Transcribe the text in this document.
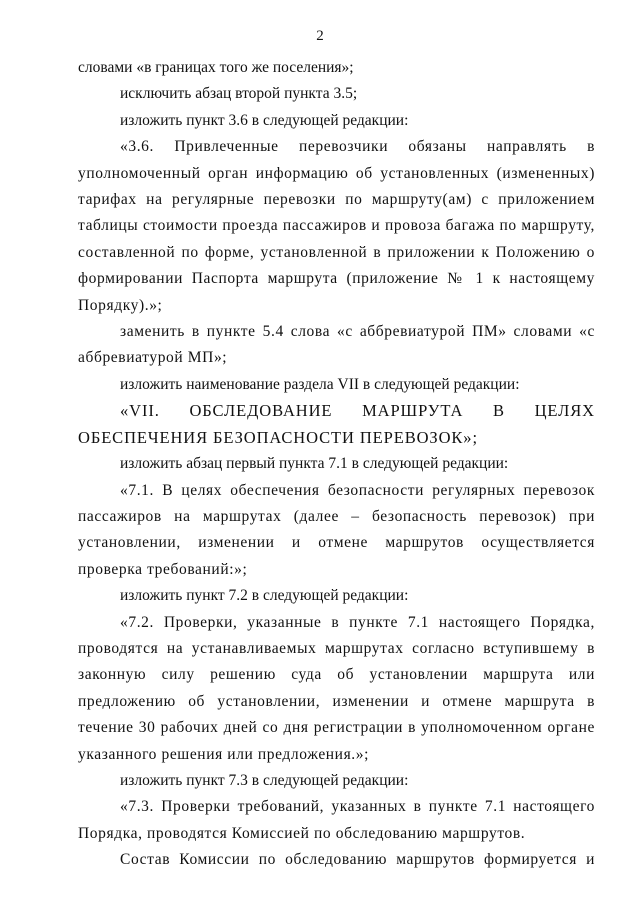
2

словами «в границах того же поселения»;

исключить абзац второй пункта 3.5;

изложить пункт 3.6 в следующей редакции:

«3.6. Привлеченные перевозчики обязаны направлять в уполномоченный орган информацию об установленных (измененных) тарифах на регулярные перевозки по маршруту(ам) с приложением таблицы стоимости проезда пассажиров и провоза багажа по маршруту, составленной по форме, установленной в приложении к Положению о формировании Паспорта маршрута (приложение № 1 к настоящему Порядку).»;

заменить в пункте 5.4 слова «с аббревиатурой ПМ» словами «с аббревиатурой МП»;

изложить наименование раздела VII в следующей редакции:

«VII. ОБСЛЕДОВАНИЕ МАРШРУТА В ЦЕЛЯХ ОБЕСПЕЧЕНИЯ БЕЗОПАСНОСТИ ПЕРЕВОЗОК»;

изложить абзац первый пункта 7.1 в следующей редакции:

«7.1. В целях обеспечения безопасности регулярных перевозок пассажиров на маршрутах (далее – безопасность перевозок) при установлении, изменении и отмене маршрутов осуществляется проверка требований:»;

изложить пункт 7.2 в следующей редакции:

«7.2. Проверки, указанные в пункте 7.1 настоящего Порядка, проводятся на устанавливаемых маршрутах согласно вступившему в законную силу решению суда об установлении маршрута или предложению об установлении, изменении и отмене маршрута в течение 30 рабочих дней со дня регистрации в уполномоченном органе указанного решения или предложения.»;

изложить пункт 7.3 в следующей редакции:

«7.3. Проверки требований, указанных в пункте 7.1 настоящего Порядка, проводятся Комиссией по обследованию маршрутов.

Состав Комиссии по обследованию маршрутов формируется и
